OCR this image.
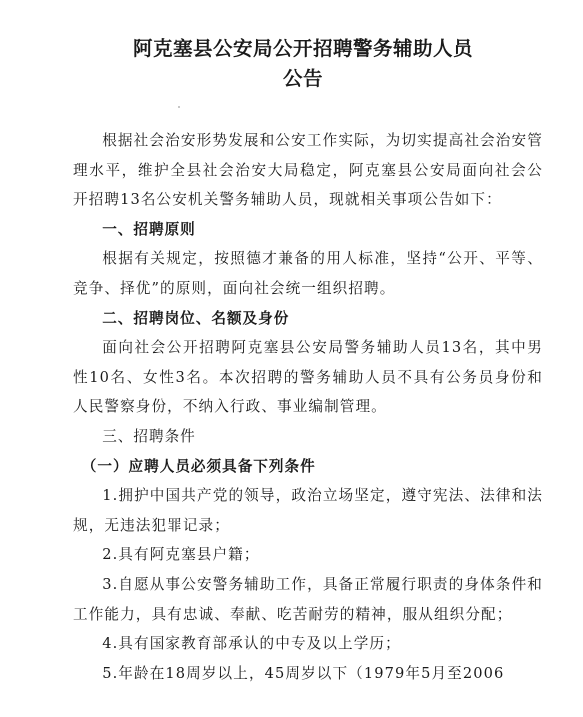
阿克塞县公安局公开招聘警务辅助人员
公告

根据社会治安形势发展和公安工作实际，为切实提高社会治安管理水平，维护全县社会治安大局稳定，阿克塞县公安局面向社会公开招聘13名公安机关警务辅助人员，现就相关事项公告如下：

一、招聘原则

根据有关规定，按照德才兼备的用人标准，坚持“公开、平等、竞争、择优”的原则，面向社会统一组织招聘。

二、招聘岗位、名额及身份

面向社会公开招聘阿克塞县公安局警务辅助人员13名，其中男性10名、女性3名。本次招聘的警务辅助人员不具有公务员身份和人民警察身份，不纳入行政、事业编制管理。

三、招聘条件

（一）应聘人员必须具备下列条件

1.拥护中国共产党的领导，政治立场坚定，遵守宪法、法律和法规，无违法犯罪记录；

2.具有阿克塞县户籍；

3.自愿从事公安警务辅助工作，具备正常履行职责的身体条件和工作能力，具有忠诚、奉献、吃苦耐劳的精神，服从组织分配；

4.具有国家教育部承认的中专及以上学历；

5.年龄在18周岁以上，45周岁以下（1979年5月至2006
